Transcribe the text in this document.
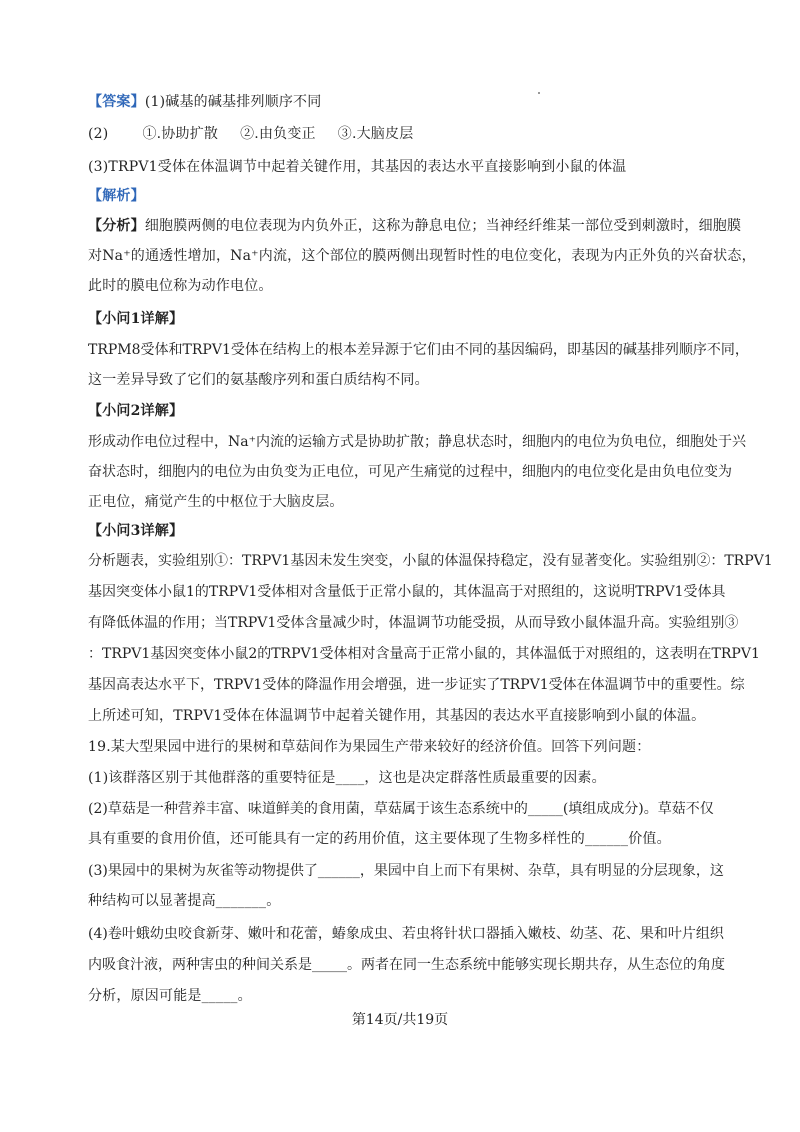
【答案】(1)碱基的碱基排列顺序不同
(2) ①.协助扩散 ②.由负变正 ③.大脑皮层
(3)TRPV1受体在体温调节中起着关键作用，其基因的表达水平直接影响到小鼠的体温
【解析】
【分析】细胞膜两侧的电位表现为内负外正，这称为静息电位；当神经纤维某一部位受到刺激时，细胞膜
对Na⁺的通透性增加，Na⁺内流，这个部位的膜两侧出现暂时性的电位变化，表现为内正外负的兴奋状态，
此时的膜电位称为动作电位。
【小问1详解】
TRPM8受体和TRPV1受体在结构上的根本差异源于它们由不同的基因编码，即基因的碱基排列顺序不同，
这一差异导致了它们的氨基酸序列和蛋白质结构不同。
【小问2详解】
形成动作电位过程中，Na⁺内流的运输方式是协助扩散；静息状态时，细胞内的电位为负电位，细胞处于兴
奋状态时，细胞内的电位为由负变为正电位，可见产生痛觉的过程中，细胞内的电位变化是由负电位变为
正电位，痛觉产生的中枢位于大脑皮层。
【小问3详解】
分析题表，实验组别①：TRPV1基因未发生突变，小鼠的体温保持稳定，没有显著变化。实验组别②：TRPV1
基因突变体小鼠1的TRPV1受体相对含量低于正常小鼠的，其体温高于对照组的，这说明TRPV1受体具
有降低体温的作用；当TRPV1受体含量减少时，体温调节功能受损，从而导致小鼠体温升高。实验组别③
：TRPV1基因突变体小鼠2的TRPV1受体相对含量高于正常小鼠的，其体温低于对照组的，这表明在TRPV1
基因高表达水平下，TRPV1受体的降温作用会增强，进一步证实了TRPV1受体在体温调节中的重要性。综
上所述可知，TRPV1受体在体温调节中起着关键作用，其基因的表达水平直接影响到小鼠的体温。
19.某大型果园中进行的果树和草菇间作为果园生产带来较好的经济价值。回答下列问题：
(1)该群落区别于其他群落的重要特征是____，这也是决定群落性质最重要的因素。
(2)草菇是一种营养丰富、味道鲜美的食用菌，草菇属于该生态系统中的_____(填组成成分)。草菇不仅
具有重要的食用价值，还可能具有一定的药用价值，这主要体现了生物多样性的______价值。
(3)果园中的果树为灰雀等动物提供了______，果园中自上而下有果树、杂草，具有明显的分层现象，这
种结构可以显著提高_______。
(4)卷叶蛾幼虫咬食新芽、嫩叶和花蕾，蝽象成虫、若虫将针状口器插入嫩枝、幼茎、花、果和叶片组织
内吸食汁液，两种害虫的种间关系是_____。两者在同一生态系统中能够实现长期共存，从生态位的角度
分析，原因可能是_____。
第14页/共19页
